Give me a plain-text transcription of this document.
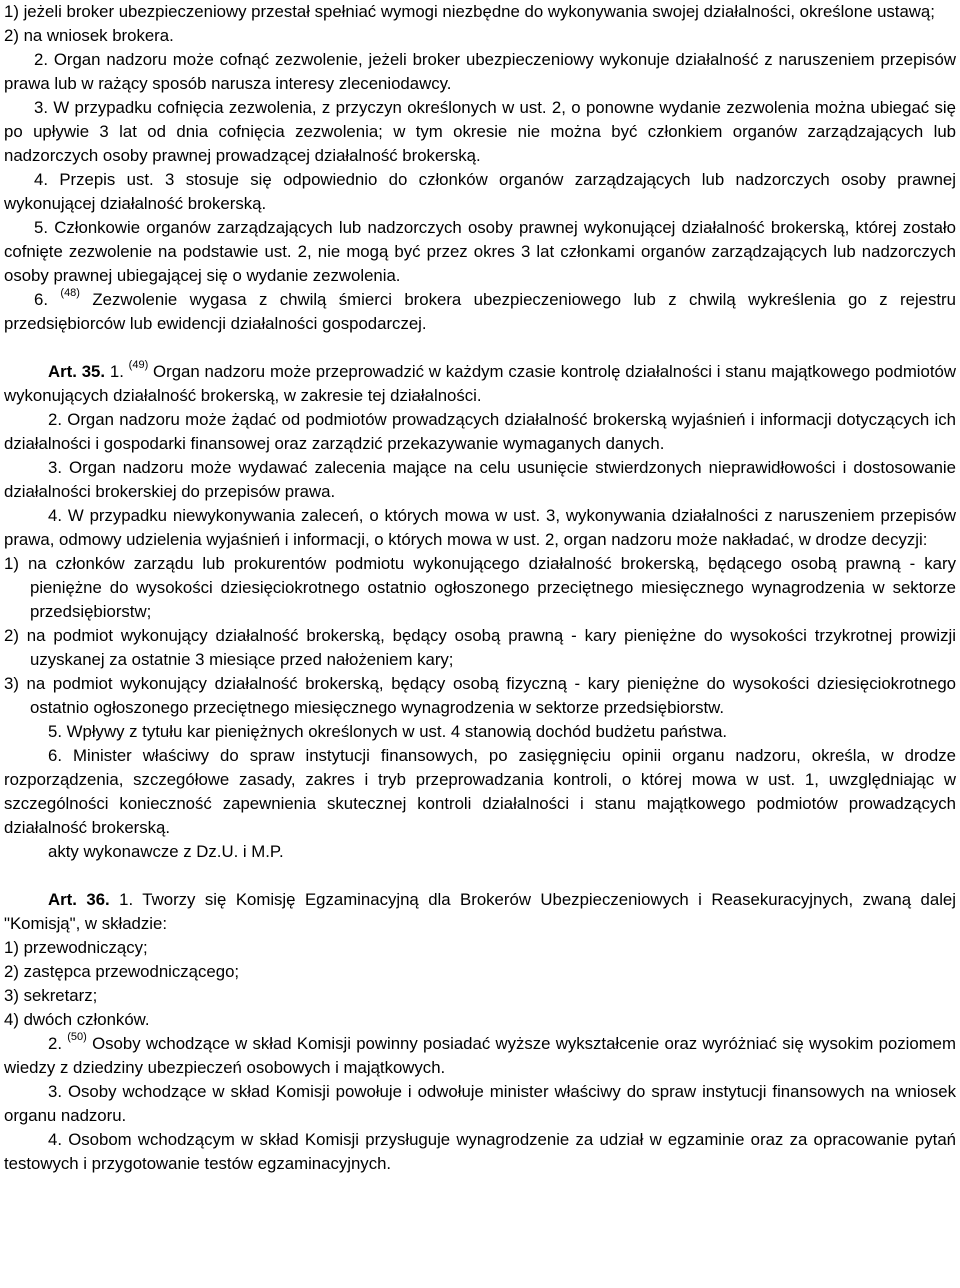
1) jeżeli broker ubezpieczeniowy przestał spełniać wymogi niezbędne do wykonywania swojej działalności, określone ustawą;

2) na wniosek brokera.

2. Organ nadzoru może cofnąć zezwolenie, jeżeli broker ubezpieczeniowy wykonuje działalność z naruszeniem przepisów prawa lub w rażący sposób narusza interesy zleceniodawcy.

3. W przypadku cofnięcia zezwolenia, z przyczyn określonych w ust. 2, o ponowne wydanie zezwolenia można ubiegać się po upływie 3 lat od dnia cofnięcia zezwolenia; w tym okresie nie można być członkiem organów zarządzających lub nadzorczych osoby prawnej prowadzącej działalność brokerską.

4. Przepis ust. 3 stosuje się odpowiednio do członków organów zarządzających lub nadzorczych osoby prawnej wykonującej działalność brokerską.

5. Członkowie organów zarządzających lub nadzorczych osoby prawnej wykonującej działalność brokerską, której zostało cofnięte zezwolenie na podstawie ust. 2, nie mogą być przez okres 3 lat członkami organów zarządzających lub nadzorczych osoby prawnej ubiegającej się o wydanie zezwolenia.

6. $^{(48)}$ Zezwolenie wygasa z chwilą śmierci brokera ubezpieczeniowego lub z chwilą wykreślenia go z rejestru przedsiębiorców lub ewidencji działalności gospodarczej.

Art. 35. 1. $^{(49)}$ Organ nadzoru może przeprowadzić w każdym czasie kontrolę działalności i stanu majątkowego podmiotów wykonujących działalność brokerską, w zakresie tej działalności.

2. Organ nadzoru może żądać od podmiotów prowadzących działalność brokerską wyjaśnień i informacji dotyczących ich działalności i gospodarki finansowej oraz zarządzić przekazywanie wymaganych danych.

3. Organ nadzoru może wydawać zalecenia mające na celu usunięcie stwierdzonych nieprawidłowości i dostosowanie działalności brokerskiej do przepisów prawa.

4. W przypadku niewykonywania zaleceń, o których mowa w ust. 3, wykonywania działalności z naruszeniem przepisów prawa, odmowy udzielenia wyjaśnień i informacji, o których mowa w ust. 2, organ nadzoru może nakładać, w drodze decyzji:

1) na członków zarządu lub prokurentów podmiotu wykonującego działalność brokerską, będącego osobą prawną - kary pieniężne do wysokości dziesięciokrotnego ostatnio ogłoszonego przeciętnego miesięcznego wynagrodzenia w sektorze przedsiębiorstw;

2) na podmiot wykonujący działalność brokerską, będący osobą prawną - kary pieniężne do wysokości trzykrotnej prowizji uzyskanej za ostatnie 3 miesiące przed nałożeniem kary;

3) na podmiot wykonujący działalność brokerską, będący osobą fizyczną - kary pieniężne do wysokości dziesięciokrotnego ostatnio ogłoszonego przeciętnego miesięcznego wynagrodzenia w sektorze przedsiębiorstw.

5. Wpływy z tytułu kar pieniężnych określonych w ust. 4 stanowią dochód budżetu państwa.

6. Minister właściwy do spraw instytucji finansowych, po zasięgnięciu opinii organu nadzoru, określa, w drodze rozporządzenia, szczegółowe zasady, zakres i tryb przeprowadzania kontroli, o której mowa w ust. 1, uwzględniając w szczególności konieczność zapewnienia skutecznej kontroli działalności i stanu majątkowego podmiotów prowadzących działalność brokerską.

akty wykonawcze z Dz.U. i M.P.

Art. 36. 1. Tworzy się Komisję Egzaminacyjną dla Brokerów Ubezpieczeniowych i Reasekuracyjnych, zwaną dalej "Komisją", w składzie:

1) przewodniczący;

2) zastępca przewodniczącego;

3) sekretarz;

4) dwóch członków.

2. $^{(50)}$ Osoby wchodzące w skład Komisji powinny posiadać wyższe wykształcenie oraz wyróżniać się wysokim poziomem wiedzy z dziedziny ubezpieczeń osobowych i majątkowych.

3. Osoby wchodzące w skład Komisji powołuje i odwołuje minister właściwy do spraw instytucji finansowych na wniosek organu nadzoru.

4. Osobom wchodzącym w skład Komisji przysługuje wynagrodzenie za udział w egzaminie oraz za opracowanie pytań testowych i przygotowanie testów egzaminacyjnych.
